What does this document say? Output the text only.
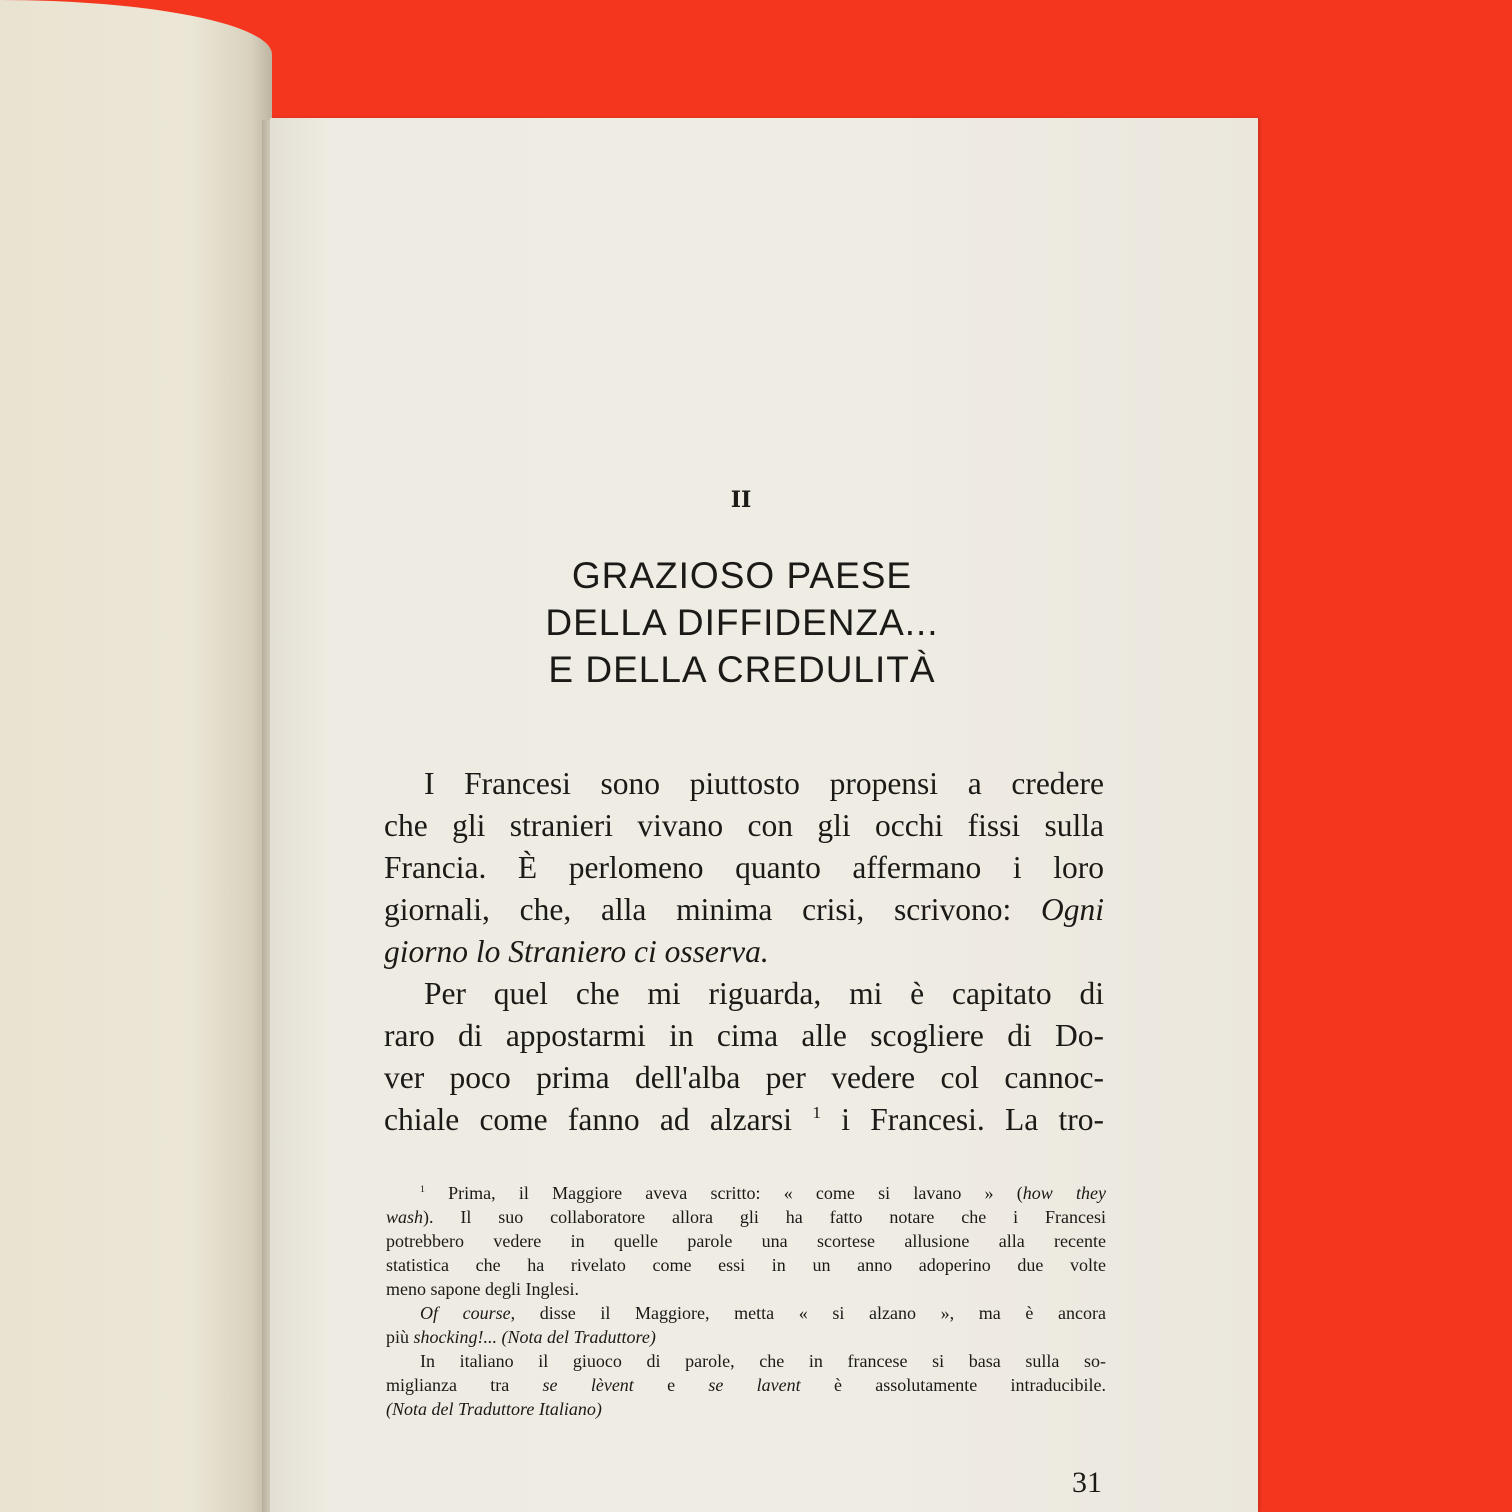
II
GRAZIOSO PAESE
DELLA DIFFIDENZA...
E DELLA CREDULITÀ
I Francesi sono piuttosto propensi a credere
che gli stranieri vivano con gli occhi fissi sulla
Francia. È perlomeno quanto affermano i loro
giornali, che, alla minima crisi, scrivono: Ogni
giorno lo Straniero ci osserva.
Per quel che mi riguarda, mi è capitato di
raro di appostarmi in cima alle scogliere di Do-
ver poco prima dell'alba per vedere col cannoc-
chiale come fanno ad alzarsi $^1$ i Francesi. La tro-
$^1$ Prima, il Maggiore aveva scritto: « come si lavano » (how they
wash). Il suo collaboratore allora gli ha fatto notare che i Francesi
potrebbero vedere in quelle parole una scortese allusione alla recente
statistica che ha rivelato come essi in un anno adoperino due volte
meno sapone degli Inglesi.
Of course, disse il Maggiore, metta « si alzano », ma è ancora
più shocking!... (Nota del Traduttore)
In italiano il giuoco di parole, che in francese si basa sulla so-
miglianza tra se lèvent e se lavent è assolutamente intraducibile.
(Nota del Traduttore Italiano)
31
